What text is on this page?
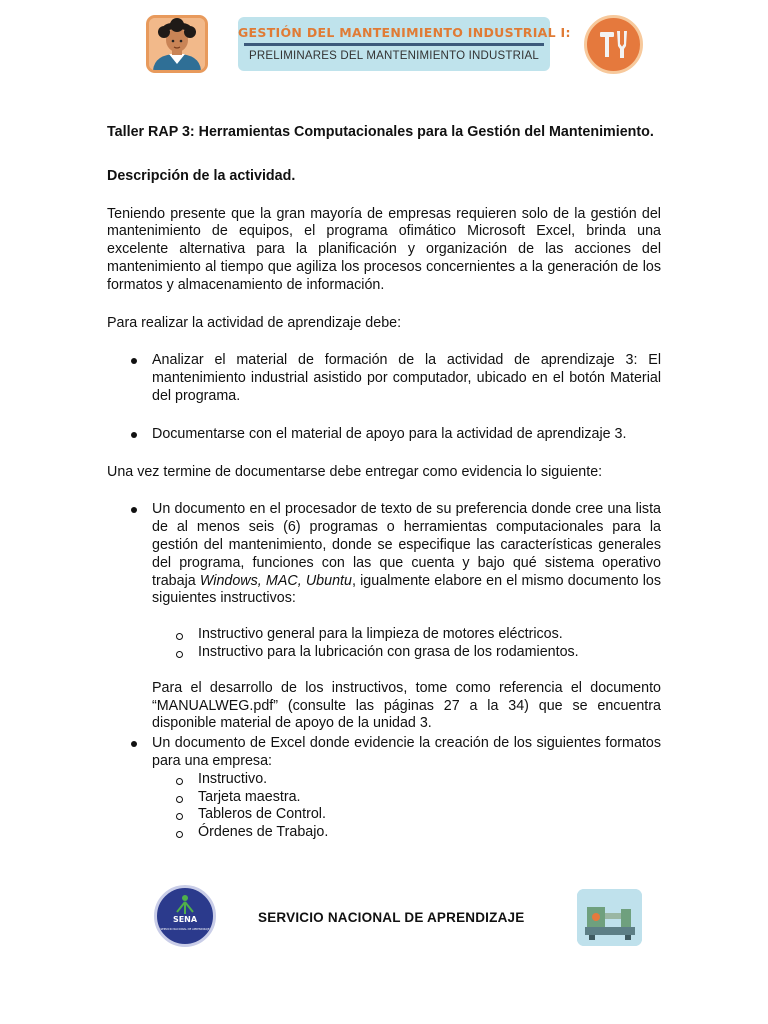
GESTIÓN DEL MANTENIMIENTO INDUSTRIAL I:
PRELIMINARES DEL MANTENIMIENTO INDUSTRIAL
Taller RAP 3: Herramientas Computacionales para la Gestión del Mantenimiento.
Descripción de la actividad.
Teniendo presente que la gran mayoría de empresas requieren solo de la gestión del mantenimiento de equipos, el programa ofimático Microsoft Excel, brinda una excelente alternativa para la planificación y organización de las acciones del mantenimiento al tiempo que agiliza los procesos concernientes a la generación de los formatos y almacenamiento de información.
Para realizar la actividad de aprendizaje debe:
Analizar el material de formación de la actividad de aprendizaje 3: El mantenimiento industrial asistido por computador, ubicado en el botón Material del programa.
Documentarse con el material de apoyo para la actividad de aprendizaje 3.
Una vez termine de documentarse debe entregar como evidencia lo siguiente:
Un documento en el procesador de texto de su preferencia donde cree una lista de al menos seis (6) programas o herramientas computacionales para la gestión del mantenimiento, donde se especifique las características generales del programa, funciones con las que cuenta y bajo qué sistema operativo trabaja Windows, MAC, Ubuntu, igualmente elabore en el mismo documento los siguientes instructivos:
Instructivo general para la limpieza de motores eléctricos.
Instructivo para la lubricación con grasa de los rodamientos.
Para el desarrollo de los instructivos, tome como referencia el documento “MANUALWEG.pdf” (consulte las páginas 27 a la 34) que se encuentra disponible material de apoyo de la unidad 3.
Un documento de Excel donde evidencie la creación de los siguientes formatos para una empresa:
Instructivo.
Tarjeta maestra.
Tableros de Control.
Órdenes de Trabajo.
SENA
SERVICIO NACIONAL DE APRENDIZAJE
SERVICIO NACIONAL DE APRENDIZAJE
